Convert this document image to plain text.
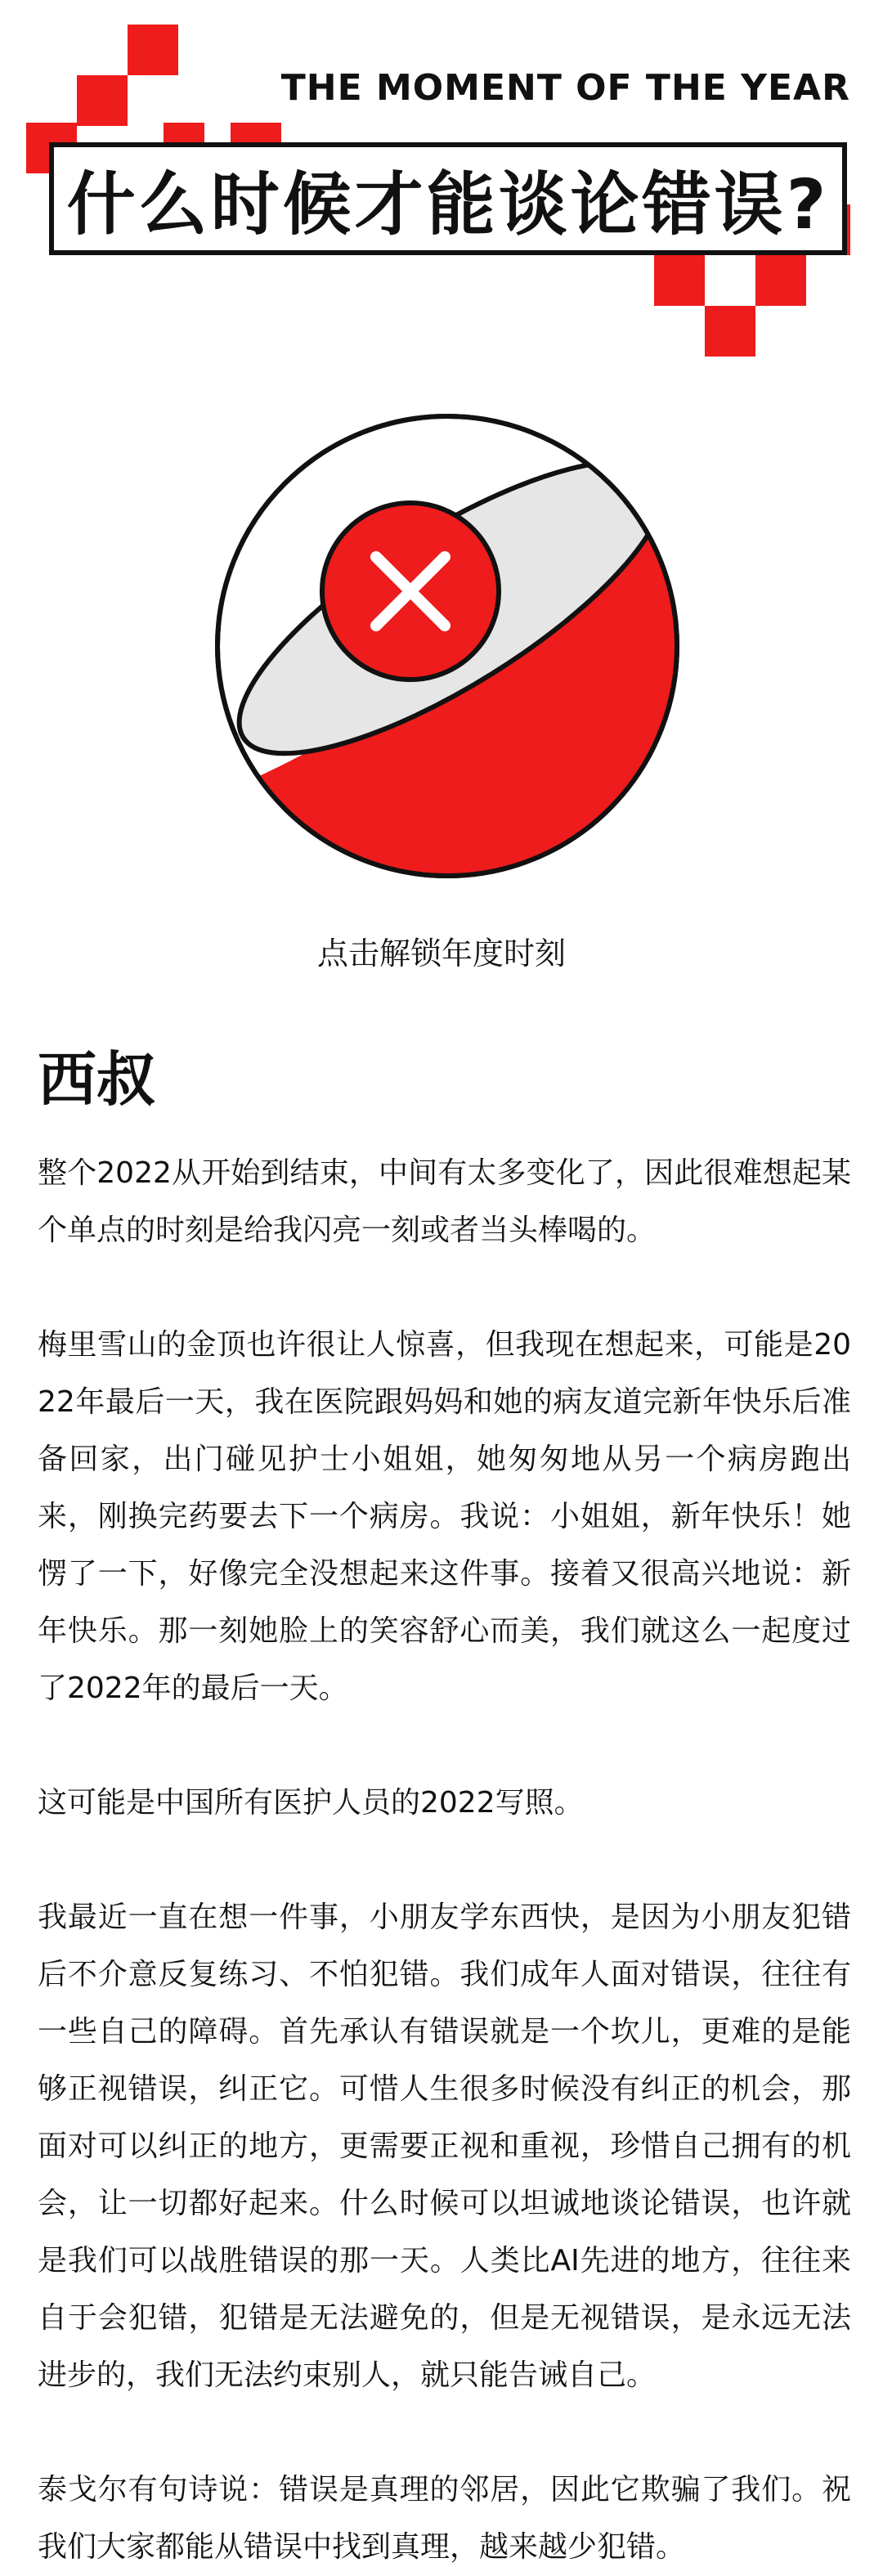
THE MOMENT OF THE YEAR
什么时候才能谈论错误?
点击解锁年度时刻
西叔

整个2022从开始到结束，中间有太多变化了，因此很难想起某个单点的时刻是给我闪亮一刻或者当头棒喝的。

梅里雪山的金顶也许很让人惊喜，但我现在想起来，可能是2022年最后一天，我在医院跟妈妈和她的病友道完新年快乐后准备回家，出门碰见护士小姐姐，她匆匆地从另一个病房跑出来，刚换完药要去下一个病房。我说：小姐姐，新年快乐！她愣了一下，好像完全没想起来这件事。接着又很高兴地说：新年快乐。那一刻她脸上的笑容舒心而美，我们就这么一起度过了2022年的最后一天。

这可能是中国所有医护人员的2022写照。

我最近一直在想一件事，小朋友学东西快，是因为小朋友犯错后不介意反复练习、不怕犯错。我们成年人面对错误，往往有一些自己的障碍。首先承认有错误就是一个坎儿，更难的是能够正视错误，纠正它。可惜人生很多时候没有纠正的机会，那面对可以纠正的地方，更需要正视和重视，珍惜自己拥有的机会，让一切都好起来。什么时候可以坦诚地谈论错误，也许就是我们可以战胜错误的那一天。人类比AI先进的地方，往往来自于会犯错，犯错是无法避免的，但是无视错误，是永远无法进步的，我们无法约束别人，就只能告诫自己。

泰戈尔有句诗说：错误是真理的邻居，因此它欺骗了我们。祝我们大家都能从错误中找到真理，越来越少犯错。
